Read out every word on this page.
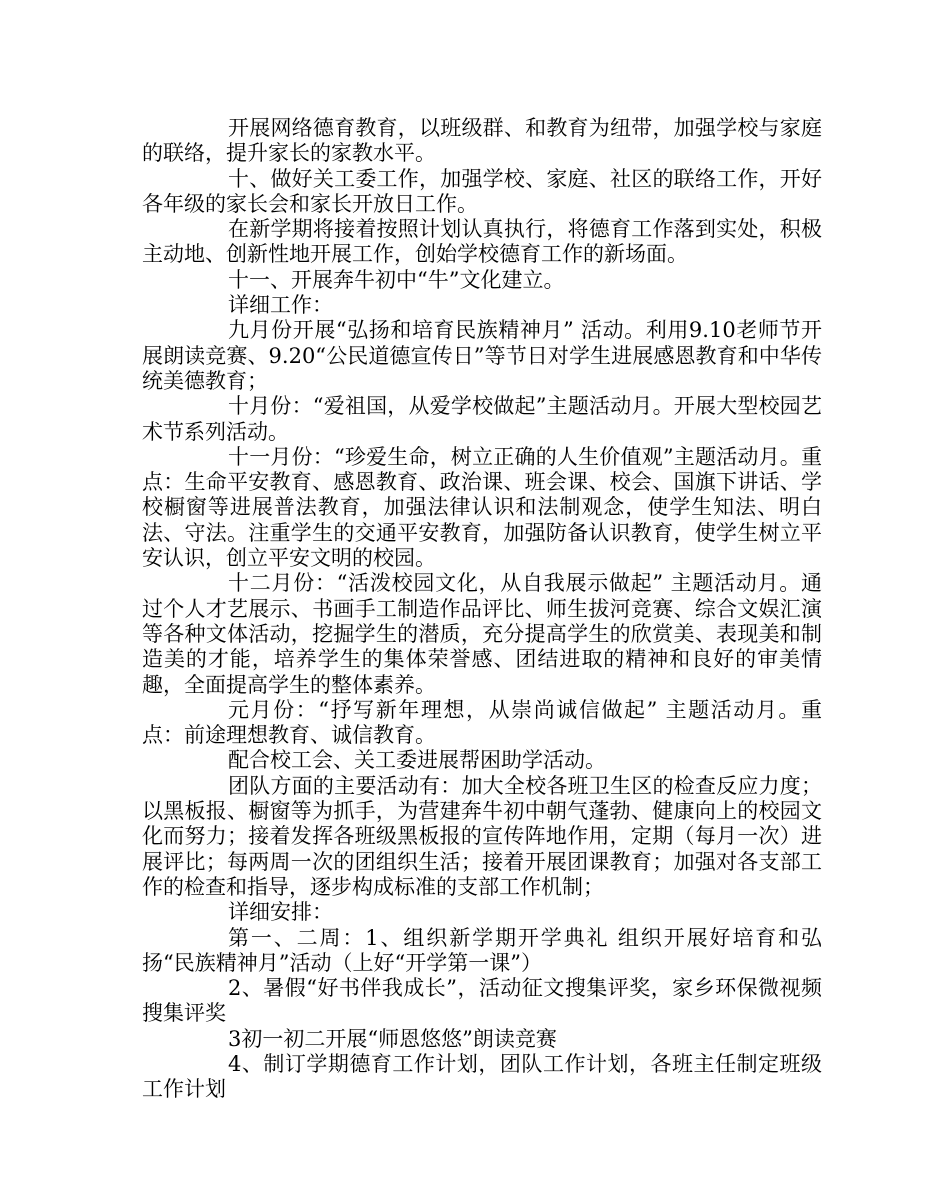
开展网络德育教育，以班级群、和教育为纽带，加强学校与家庭的联络，提升家长的家教水平。

十、做好关工委工作，加强学校、家庭、社区的联络工作，开好各年级的家长会和家长开放日工作。

在新学期将接着按照计划认真执行，将德育工作落到实处，积极主动地、创新性地开展工作，创始学校德育工作的新场面。

十一、开展奔牛初中“牛”文化建立。

详细工作：

九月份开展“弘扬和培育民族精神月” 活动。利用9.10老师节开展朗读竞赛、9.20“公民道德宣传日”等节日对学生进展感恩教育和中华传统美德教育；

十月份：“爱祖国，从爱学校做起”主题活动月。开展大型校园艺术节系列活动。

十一月份：“珍爱生命，树立正确的人生价值观”主题活动月。重点：生命平安教育、感恩教育、政治课、班会课、校会、国旗下讲话、学校橱窗等进展普法教育，加强法律认识和法制观念，使学生知法、明白法、守法。注重学生的交通平安教育，加强防备认识教育，使学生树立平安认识，创立平安文明的校园。

十二月份：“活泼校园文化，从自我展示做起” 主题活动月。通过个人才艺展示、书画手工制造作品评比、师生拔河竞赛、综合文娱汇演等各种文体活动，挖掘学生的潜质，充分提高学生的欣赏美、表现美和制造美的才能，培养学生的集体荣誉感、团结进取的精神和良好的审美情趣，全面提高学生的整体素养。

元月份：“抒写新年理想，从崇尚诚信做起” 主题活动月。重点：前途理想教育、诚信教育。

配合校工会、关工委进展帮困助学活动。

团队方面的主要活动有：加大全校各班卫生区的检查反应力度；以黑板报、橱窗等为抓手，为营建奔牛初中朝气蓬勃、健康向上的校园文化而努力；接着发挥各班级黑板报的宣传阵地作用，定期（每月一次）进展评比；每两周一次的团组织生活；接着开展团课教育；加强对各支部工作的检查和指导，逐步构成标准的支部工作机制；

详细安排：

第一、二周：1、组织新学期开学典礼 组织开展好培育和弘扬“民族精神月”活动（上好“开学第一课”）

2、暑假“好书伴我成长”，活动征文搜集评奖，家乡环保微视频搜集评奖

3初一初二开展“师恩悠悠”朗读竞赛

4、制订学期德育工作计划，团队工作计划，各班主任制定班级工作计划
